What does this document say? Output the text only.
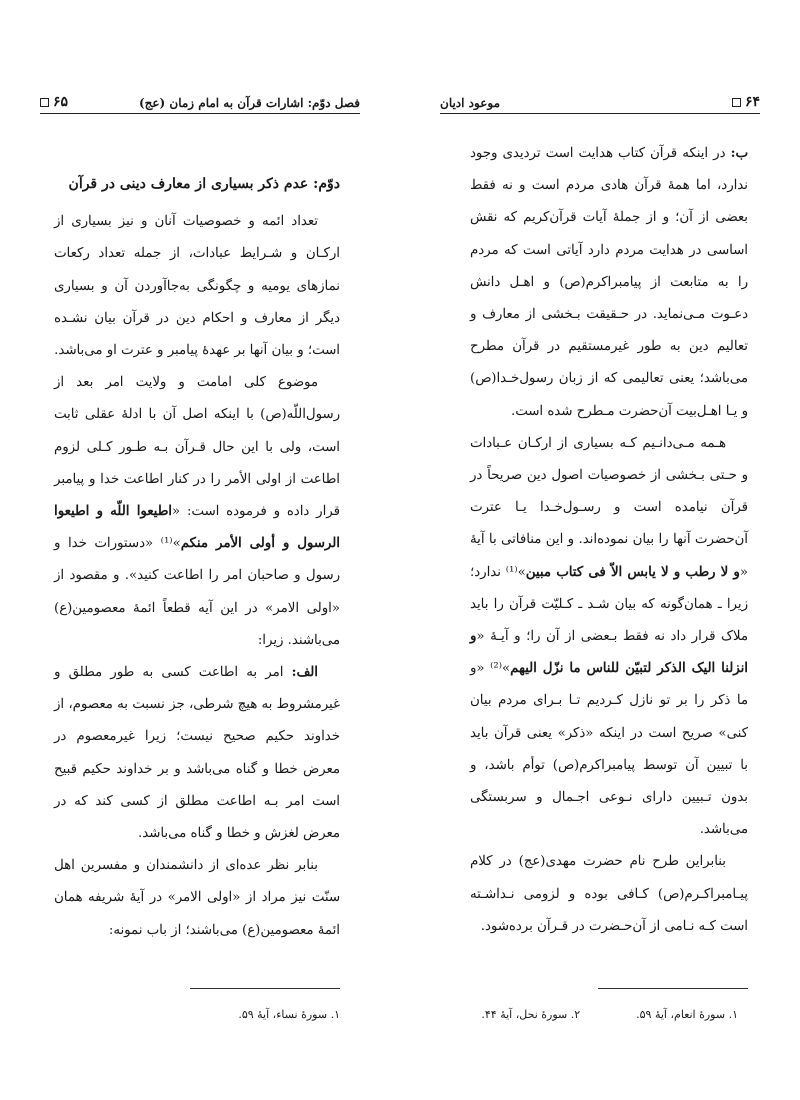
فصل دوّم: اشارات قرآن به امام زمان (عج)
۶۵
دوّم: عدم ذکر بسیاری از معارف دینی در قرآن

تعداد ائمه و خصوصیات آنان و نیز بسیاری از ارکـان و شـرایط عبادات، از جمله تعداد رکعات نمازهای یومیه و چگونگی به‌جاآوردن آن و بسیاری دیگر از معارف و احکام دین در قرآن بیان نشـده است؛ و بیان آنها بر عهدهٔ پیامبر و عترت او می‌باشد.

موضوع کلی امامت و ولایت امر بعد از رسول‌اللّه(ص) با اینکه اصل آن با ادلهٔ عقلی ثابت است، ولی با این حال قـرآن بـه طـور کـلی لزوم اطاعت از اولی الأمر را در کنار اطاعت خدا و پیامبر قرار داده و فرموده است: «اطیعوا اللّه و اطیعوا الرسول و أولی الأمر منکم»⁽¹⁾ «دستورات خدا و رسول و صاحبان امر را اطاعت کنید». و مقصود از «اولی الامر» در این آیه قطعاً ائمهٔ معصومین(ع) می‌باشند. زیرا:

الف: امر به اطاعت کسی به طور مطلق و غیرمشروط به هیچ شرطی، جز نسبت به معصوم، از خداوند حکیم صحیح نیست؛ زیرا غیرمعصوم در معرض خطا و گناه می‌باشد و بر خداوند حکیم قبیح است امر بـه اطاعت مطلق از کسی کند که در معرض لغزش و خطا و گناه می‌باشد.

بنابر نظر عده‌ای از دانشمندان و مفسرین اهل سنّت نیز مراد از «اولی الامر» در آیهٔ شریفه همان ائمهٔ معصومین(ع) می‌باشند؛ از باب نمونه:

۱. سورهٔ نساء، آیهٔ ۵۹.
۶۴
موعود ادیان

ب: در اینکه قرآن کتاب هدایت است تردیدی وجود ندارد، اما همهٔ قرآن هادی مردم است و نه فقط بعضی از آن؛ و از جملهٔ آیات قرآن‌کریم که نقش اساسی در هدایت مردم دارد آیاتی است که مردم را به متابعت از پیامبراکرم(ص) و اهـل دانش دعـوت مـی‌نماید. در حـقیقت بـخشی از معارف و تعالیم دین به طور غیرمستقیم در قرآن مطرح می‌باشد؛ یعنی تعالیمی که از زبان رسول‌خـدا(ص) و یـا اهـل‌بیت آن‌حضرت مـطرح شده است.

هـمه مـی‌دانـیم کـه بسیاری از ارکـان عـبادات و حـتی بـخشی از خصوصیات اصول دین صریحاً در قرآن نیامده است و رسـول‌خـدا یـا عترت آن‌حضرت آنها را بیان نموده‌اند. و این منافاتی با آیهٔ «و لا رطب و لا یابس الاّ فی کتاب مبین»⁽¹⁾ ندارد؛ زیرا ـ همان‌گونه که بیان شـد ـ کـلیّت قرآن را باید ملاک قرار داد نه فقط بـعضی از آن را؛ و آیـهٔ «و انزلنا الیک الذکر لتبیّن للناس ما نزّل الیهم»⁽²⁾ «و ما ذکر را بر تو نازل کـردیم تـا بـرای مردم بیان کنی» صریح است در اینکه «ذکر» یعنی قرآن باید با تبیین آن توسط پیامبراکرم(ص) توأم باشد، و بدون تـبیین دارای نـوعی اجـمال و سربستگی می‌باشد.

بنابراین طرح نام حضرت مهدی(عج) در کلام پیـامبراکـرم(ص) کـافی بوده و لزومی نـداشـته است کـه نـامی از آن‌حـضرت در قـرآن برده‌شود.

۱. سورهٔ انعام، آیهٔ ۵۹.
۲. سورهٔ نحل، آیهٔ ۴۴.
